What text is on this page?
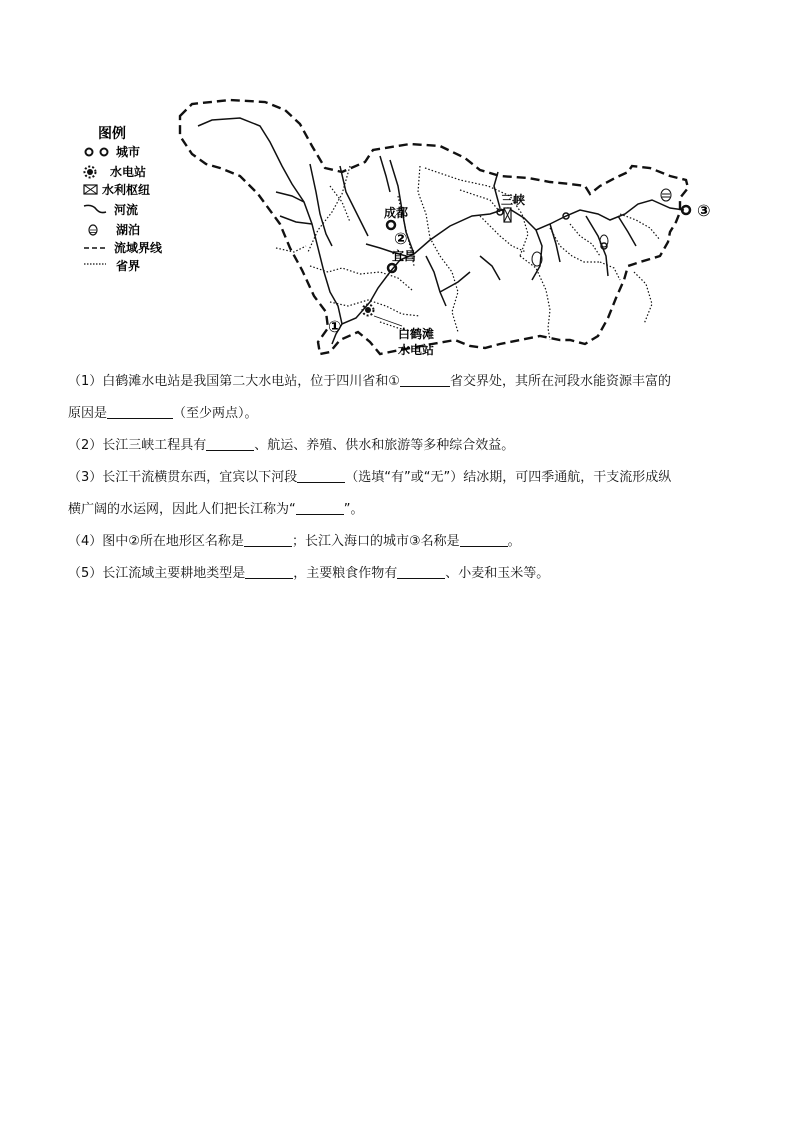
图例
城市
水电站
水利枢纽
河流
湖泊
流域界线
省界
成都
宜昌
三峡
白鹤滩
水电站
①
②
③

（1）白鹤滩水电站是我国第二大水电站，位于四川省和①	省交界处，其所在河段水能资源丰富的

原因是	（至少两点）。

（2）长江三峡工程具有	、航运、养殖、供水和旅游等多种综合效益。

（3）长江干流横贯东西，宜宾以下河段	（选填“有”或“无”）结冰期，可四季通航，干支流形成纵

横广阔的水运网，因此人们把长江称为“	”。

（4）图中②所在地形区名称是	；长江入海口的城市③名称是	。

（5）长江流域主要耕地类型是	，主要粮食作物有	、小麦和玉米等。
